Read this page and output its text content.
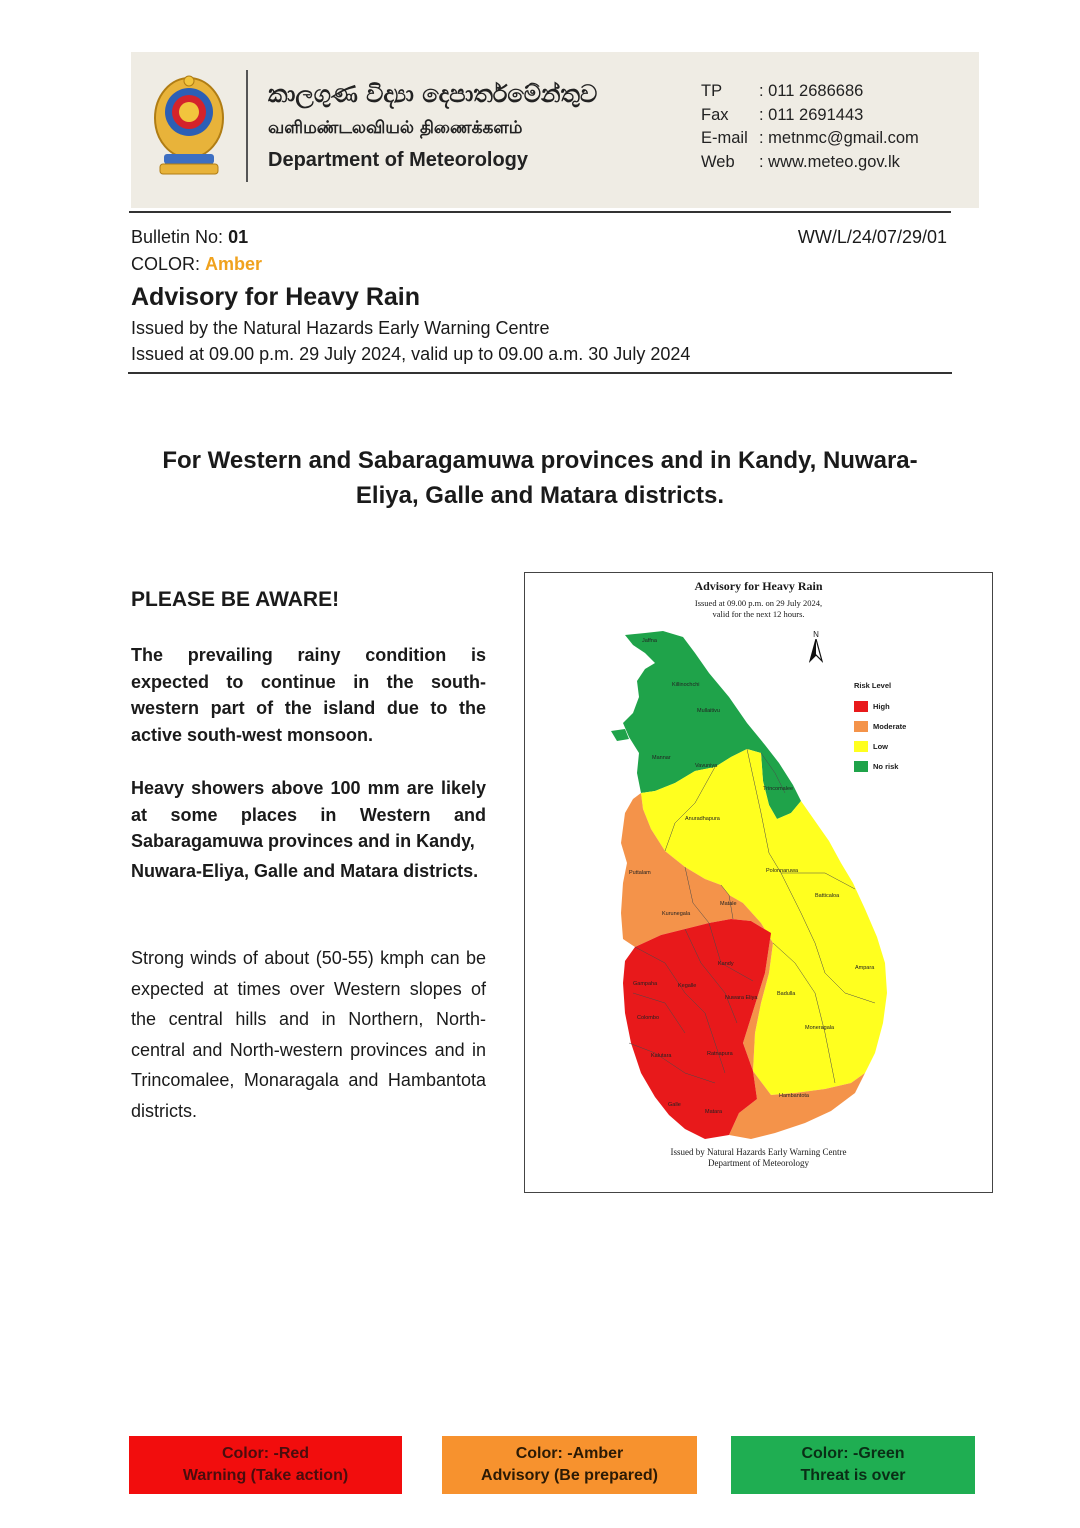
කාලගුණ විද්‍යා දෙපාර්තමේන්තුව
வளிமண்டலவியல் திணைக்களம்
Department of Meteorology
TP	: 011 2686686
Fax	: 011 2691443
E-mail : metnmc@gmail.com
Web	: www.meteo.gov.lk
Bulletin No: 01
COLOR: Amber
WW/L/24/07/29/01
Advisory for Heavy Rain
Issued by the Natural Hazards Early Warning Centre
Issued at 09.00 p.m. 29 July 2024, valid up to 09.00 a.m. 30 July 2024
For Western and Sabaragamuwa provinces and in Kandy, Nuwara-
Eliya, Galle and Matara districts.
PLEASE BE AWARE!
The prevailing rainy condition is expected to continue in the south-western part of the island due to the active south-west monsoon.
Heavy showers above 100 mm are likely at some places in Western and Sabaragamuwa provinces and in Kandy,
Nuwara-Eliya, Galle and Matara districts.
Strong winds of about (50-55) kmph can be expected at times over Western slopes of the central hills and in Northern, North-central and North-western provinces and in Trincomalee, Monaragala and Hambantota districts.
Advisory for Heavy Rain
Issued at 09.00 p.m. on 29 July 2024,
valid for the next 12 hours.
Jaffna
Killinochchi
Mullaitivu
Mannar
Vavuniya
Trincomalee
Anuradhapura
Puttalam	Polonnaruwa
Batticaloa
Kurunegala
Matale
Kandy
Ampara
Gampaha	Kegalle
Nuwara Eliya
Badulla
Colombo
Moneragala
Kalutara	Ratnapura
Hambantota
Galle
Matara
N
Risk Level
High
Moderate
Low
No risk
Issued by Natural Hazards Early Warning Centre
Department of Meteorology
Color: -Red
Warning (Take action)
Color: -Amber
Advisory (Be prepared)
Color: -Green
Threat is over
